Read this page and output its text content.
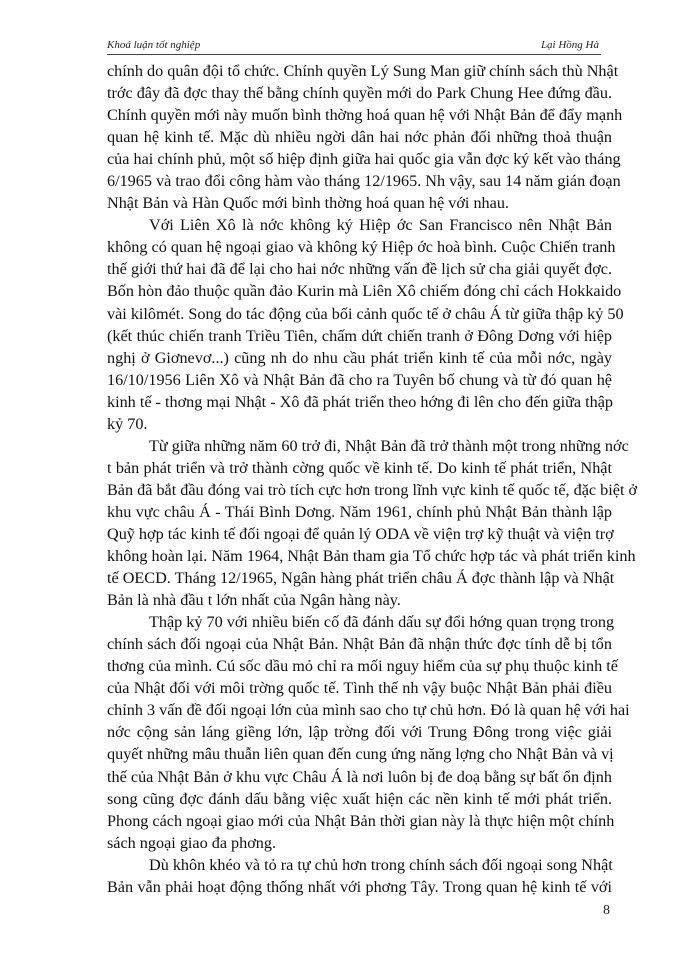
Khoá luận tốt nghiệp	Lại Hồng Hà

chính do quân đội tổ chức. Chính quyền Lý Sung Man giữ chính sách thù Nhật
trớc đây đã đợc thay thế bằng chính quyền mới do Park Chung Hee đứng đầu.
Chính quyền mới này muốn bình thờng hoá quan hệ với Nhật Bản để đẩy mạnh
quan hệ kinh tế. Mặc dù nhiều ngời dân hai nớc phản đối những thoả thuận
của hai chính phủ, một số hiệp định giữa hai quốc gia vẫn đợc ký kết vào tháng
6/1965 và trao đổi công hàm vào tháng 12/1965. Nh vậy, sau 14 năm gián đoạn
Nhật Bản và Hàn Quốc mới bình thờng hoá quan hệ với nhau.

Với Liên Xô là nớc không ký Hiệp ớc San Francisco nên Nhật Bản
không có quan hệ ngoại giao và không ký Hiệp ớc hoà bình. Cuộc Chiến tranh
thế giới thứ hai đã để lại cho hai nớc những vấn đề lịch sử cha giải quyết đợc.
Bốn hòn đảo thuộc quần đảo Kurin mà Liên Xô chiếm đóng chỉ cách Hokkaido
vài kilômét. Song do tác động của bối cảnh quốc tế ở châu Á từ giữa thập kỷ 50
(kết thúc chiến tranh Triều Tiên, chấm dứt chiến tranh ở Đông Dơng với hiệp
nghị ở Giơnevơ...) cũng nh do nhu cầu phát triển kinh tế của mỗi nớc, ngày
16/10/1956 Liên Xô và Nhật Bản đã cho ra Tuyên bố chung và từ đó quan hệ
kinh tế - thơng mại Nhật - Xô đã phát triển theo hớng đi lên cho đến giữa thập
kỷ 70.

Từ giữa những năm 60 trở đi, Nhật Bản đã trở thành một trong những nớc
t bản phát triển và trở thành cờng quốc về kinh tế. Do kinh tế phát triển, Nhật
Bản đã bắt đầu đóng vai trò tích cực hơn trong lĩnh vực kinh tế quốc tế, đặc biệt ở
khu vực châu Á - Thái Bình Dơng. Năm 1961, chính phủ Nhật Bản thành lập
Quỹ hợp tác kinh tế đối ngoại để quản lý ODA về viện trợ kỹ thuật và viện trợ
không hoàn lại. Năm 1964, Nhật Bản tham gia Tổ chức hợp tác và phát triển kinh
tế OECD. Tháng 12/1965, Ngân hàng phát triển châu Á đợc thành lập và Nhật
Bản là nhà đầu t lớn nhất của Ngân hàng này.

Thập kỷ 70 với nhiều biến cố đã đánh dấu sự đổi hớng quan trọng trong
chính sách đối ngoại của Nhật Bản. Nhật Bản đã nhận thức đợc tính dễ bị tổn
thơng của mình. Cú sốc dầu mỏ chỉ ra mối nguy hiểm của sự phụ thuộc kinh tế
của Nhật đối với môi trờng quốc tế. Tình thế nh vậy buộc Nhật Bản phải điều
chỉnh 3 vấn đề đối ngoại lớn của mình sao cho tự chủ hơn. Đó là quan hệ với hai
nớc cộng sản láng giềng lớn, lập trờng đối với Trung Đông trong việc giải
quyết những mâu thuẫn liên quan đến cung ứng năng lợng cho Nhật Bản và vị
thế của Nhật Bản ở khu vực Châu Á là nơi luôn bị đe doạ bằng sự bất ổn định
song cũng đợc đánh dấu bằng việc xuất hiện các nền kinh tế mới phát triển.
Phong cách ngoại giao mới của Nhật Bản thời gian này là thực hiện một chính
sách ngoại giao đa phơng.

Dù khôn khéo và tỏ ra tự chủ hơn trong chính sách đối ngoại song Nhật
Bản vẫn phải hoạt động thống nhất với phơng Tây. Trong quan hệ kinh tế với

8
